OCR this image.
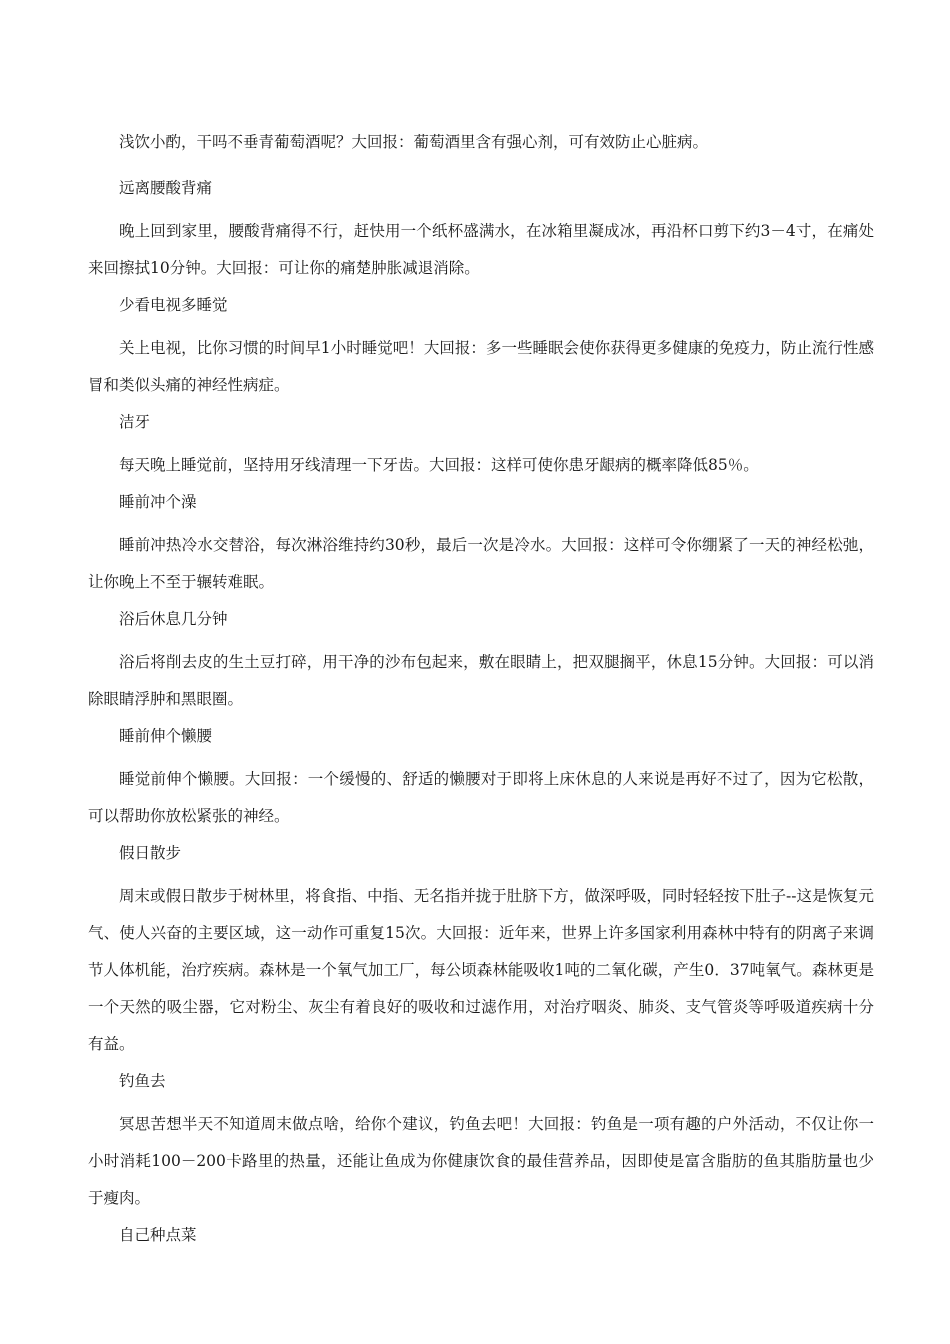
浅饮小酌，干吗不垂青葡萄酒呢？大回报：葡萄酒里含有强心剂，可有效防止心脏病。

远离腰酸背痛

晚上回到家里，腰酸背痛得不行，赶快用一个纸杯盛满水，在冰箱里凝成冰，再沿杯口剪下约3－4寸，在痛处来回擦拭10分钟。大回报：可让你的痛楚肿胀减退消除。

少看电视多睡觉

关上电视，比你习惯的时间早1小时睡觉吧！大回报：多一些睡眠会使你获得更多健康的免疫力，防止流行性感冒和类似头痛的神经性病症。

洁牙

每天晚上睡觉前，坚持用牙线清理一下牙齿。大回报：这样可使你患牙龈病的概率降低85％。

睡前冲个澡

睡前冲热冷水交替浴，每次淋浴维持约30秒，最后一次是冷水。大回报：这样可令你绷紧了一天的神经松弛，让你晚上不至于辗转难眠。

浴后休息几分钟

浴后将削去皮的生土豆打碎，用干净的沙布包起来，敷在眼睛上，把双腿搁平，休息15分钟。大回报：可以消除眼睛浮肿和黑眼圈。

睡前伸个懒腰

睡觉前伸个懒腰。大回报：一个缓慢的、舒适的懒腰对于即将上床休息的人来说是再好不过了，因为它松散，可以帮助你放松紧张的神经。

假日散步

周末或假日散步于树林里，将食指、中指、无名指并拢于肚脐下方，做深呼吸，同时轻轻按下肚子--这是恢复元气、使人兴奋的主要区域，这一动作可重复15次。大回报：近年来，世界上许多国家利用森林中特有的阴离子来调节人体机能，治疗疾病。森林是一个氧气加工厂，每公顷森林能吸收1吨的二氧化碳，产生0．37吨氧气。森林更是一个天然的吸尘器，它对粉尘、灰尘有着良好的吸收和过滤作用，对治疗咽炎、肺炎、支气管炎等呼吸道疾病十分有益。

钓鱼去

冥思苦想半天不知道周末做点啥，给你个建议，钓鱼去吧！大回报：钓鱼是一项有趣的户外活动，不仅让你一小时消耗100－200卡路里的热量，还能让鱼成为你健康饮食的最佳营养品，因即使是富含脂肪的鱼其脂肪量也少于瘦肉。

自己种点菜
